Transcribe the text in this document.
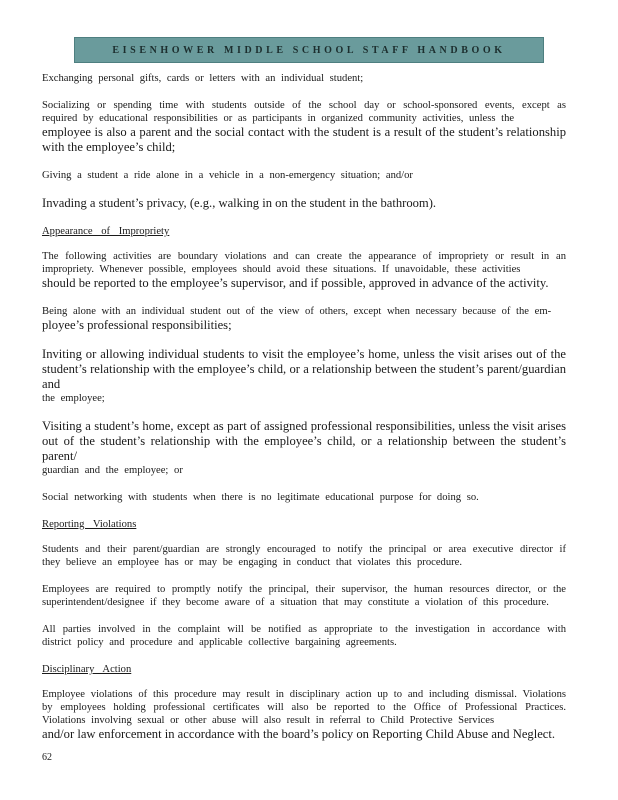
EISENHOWER MIDDLE SCHOOL STAFF HANDBOOK

Exchanging personal gifts, cards or letters with an individual student;

Socializing or spending time with students outside of the school day or school-sponsored events, except as required by educational responsibilities or as participants in organized community activities, unless the

employee is also a parent and the social contact with the student is a result of the student’s relationship with the employee’s child;

Giving a student a ride alone in a vehicle in a non-emergency situation; and/or

Invading a student’s privacy, (e.g., walking in on the student in the bathroom).

Appearance of Impropriety

The following activities are boundary violations and can create the appearance of impropriety or result in an impropriety. Whenever possible, employees should avoid these situations. If unavoidable, these activities

should be reported to the employee’s supervisor, and if possible, approved in advance of the activity.

Being alone with an individual student out of the view of others, except when necessary because of the em-

ployee’s professional responsibilities;

Inviting or allowing individual students to visit the employee’s home, unless the visit arises out of the student’s relationship with the employee’s child, or a relationship between the student’s parent/guardian and

the employee;

Visiting a student’s home, except as part of assigned professional responsibilities, unless the visit arises out of the student’s relationship with the employee’s child, or a relationship between the student’s parent/

guardian and the employee; or

Social networking with students when there is no legitimate educational purpose for doing so.

Reporting Violations

Students and their parent/guardian are strongly encouraged to notify the principal or area executive director if they believe an employee has or may be engaging in conduct that violates this procedure.

Employees are required to promptly notify the principal, their supervisor, the human resources director, or the superintendent/designee if they become aware of a situation that may constitute a violation of this procedure.

All parties involved in the complaint will be notified as appropriate to the investigation in accordance with district policy and procedure and applicable collective bargaining agreements.

Disciplinary Action

Employee violations of this procedure may result in disciplinary action up to and including dismissal. Violations by employees holding professional certificates will also be reported to the Office of Professional Practices. Violations involving sexual or other abuse will also result in referral to Child Protective Services

and/or law enforcement in accordance with the board’s policy on Reporting Child Abuse and Neglect.

62
